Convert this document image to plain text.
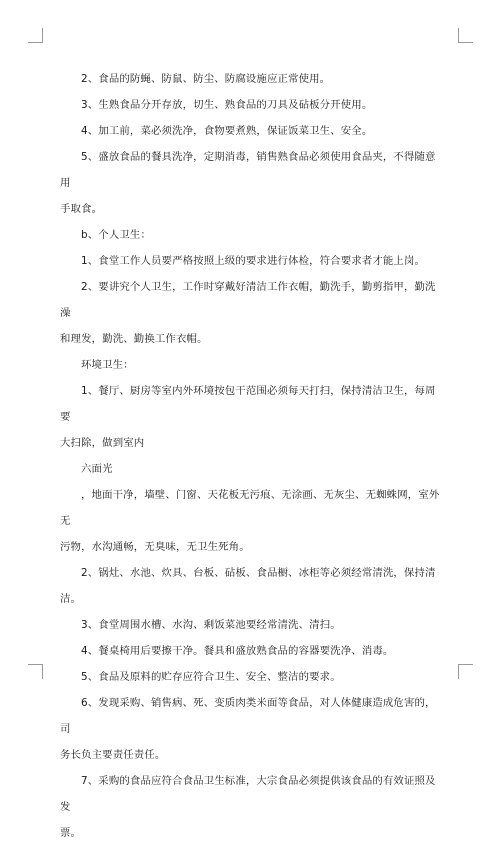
2、食品的防蝇、防鼠、防尘、防腐设施应正常使用。

3、生熟食品分开存放，切生、熟食品的刀具及砧板分开使用。

4、加工前，菜必须洗净，食物要煮熟，保证饭菜卫生、安全。

5、盛放食品的餐具洗净，定期消毒，销售熟食品必须使用食品夹，不得随意用

手取食。

b、个人卫生：

1、食堂工作人员要严格按照上级的要求进行体检，符合要求者才能上岗。

2、要讲究个人卫生，工作时穿戴好清洁工作衣帽，勤洗手，勤剪指甲，勤洗澡

和理发，勤洗、勤换工作衣帽。

环境卫生：

1、餐厅、厨房等室内外环境按包干范围必须每天打扫，保持清洁卫生，每周要

大扫除，做到室内

六面光

，地面干净，墙壁、门窗、天花板无污痕、无涂画、无灰尘、无蜘蛛网，室外无

污物，水沟通畅，无臭味，无卫生死角。

2、锅灶、水池、炊具、台板、砧板、食品橱、冰柜等必须经常清洗，保持清洁。

3、食堂周围水槽、水沟、剩饭菜池要经常清洗、清扫。

4、餐桌椅用后要擦干净。餐具和盛放熟食品的容器要洗净、消毒。

5、食品及原料的贮存应符合卫生、安全、整洁的要求。

6、发现采购、销售病、死、变质肉类米面等食品，对人体健康造成危害的，司

务长负主要责任责任。

7、采购的食品应符合食品卫生标准，大宗食品必须提供该食品的有效证照及发

票。
